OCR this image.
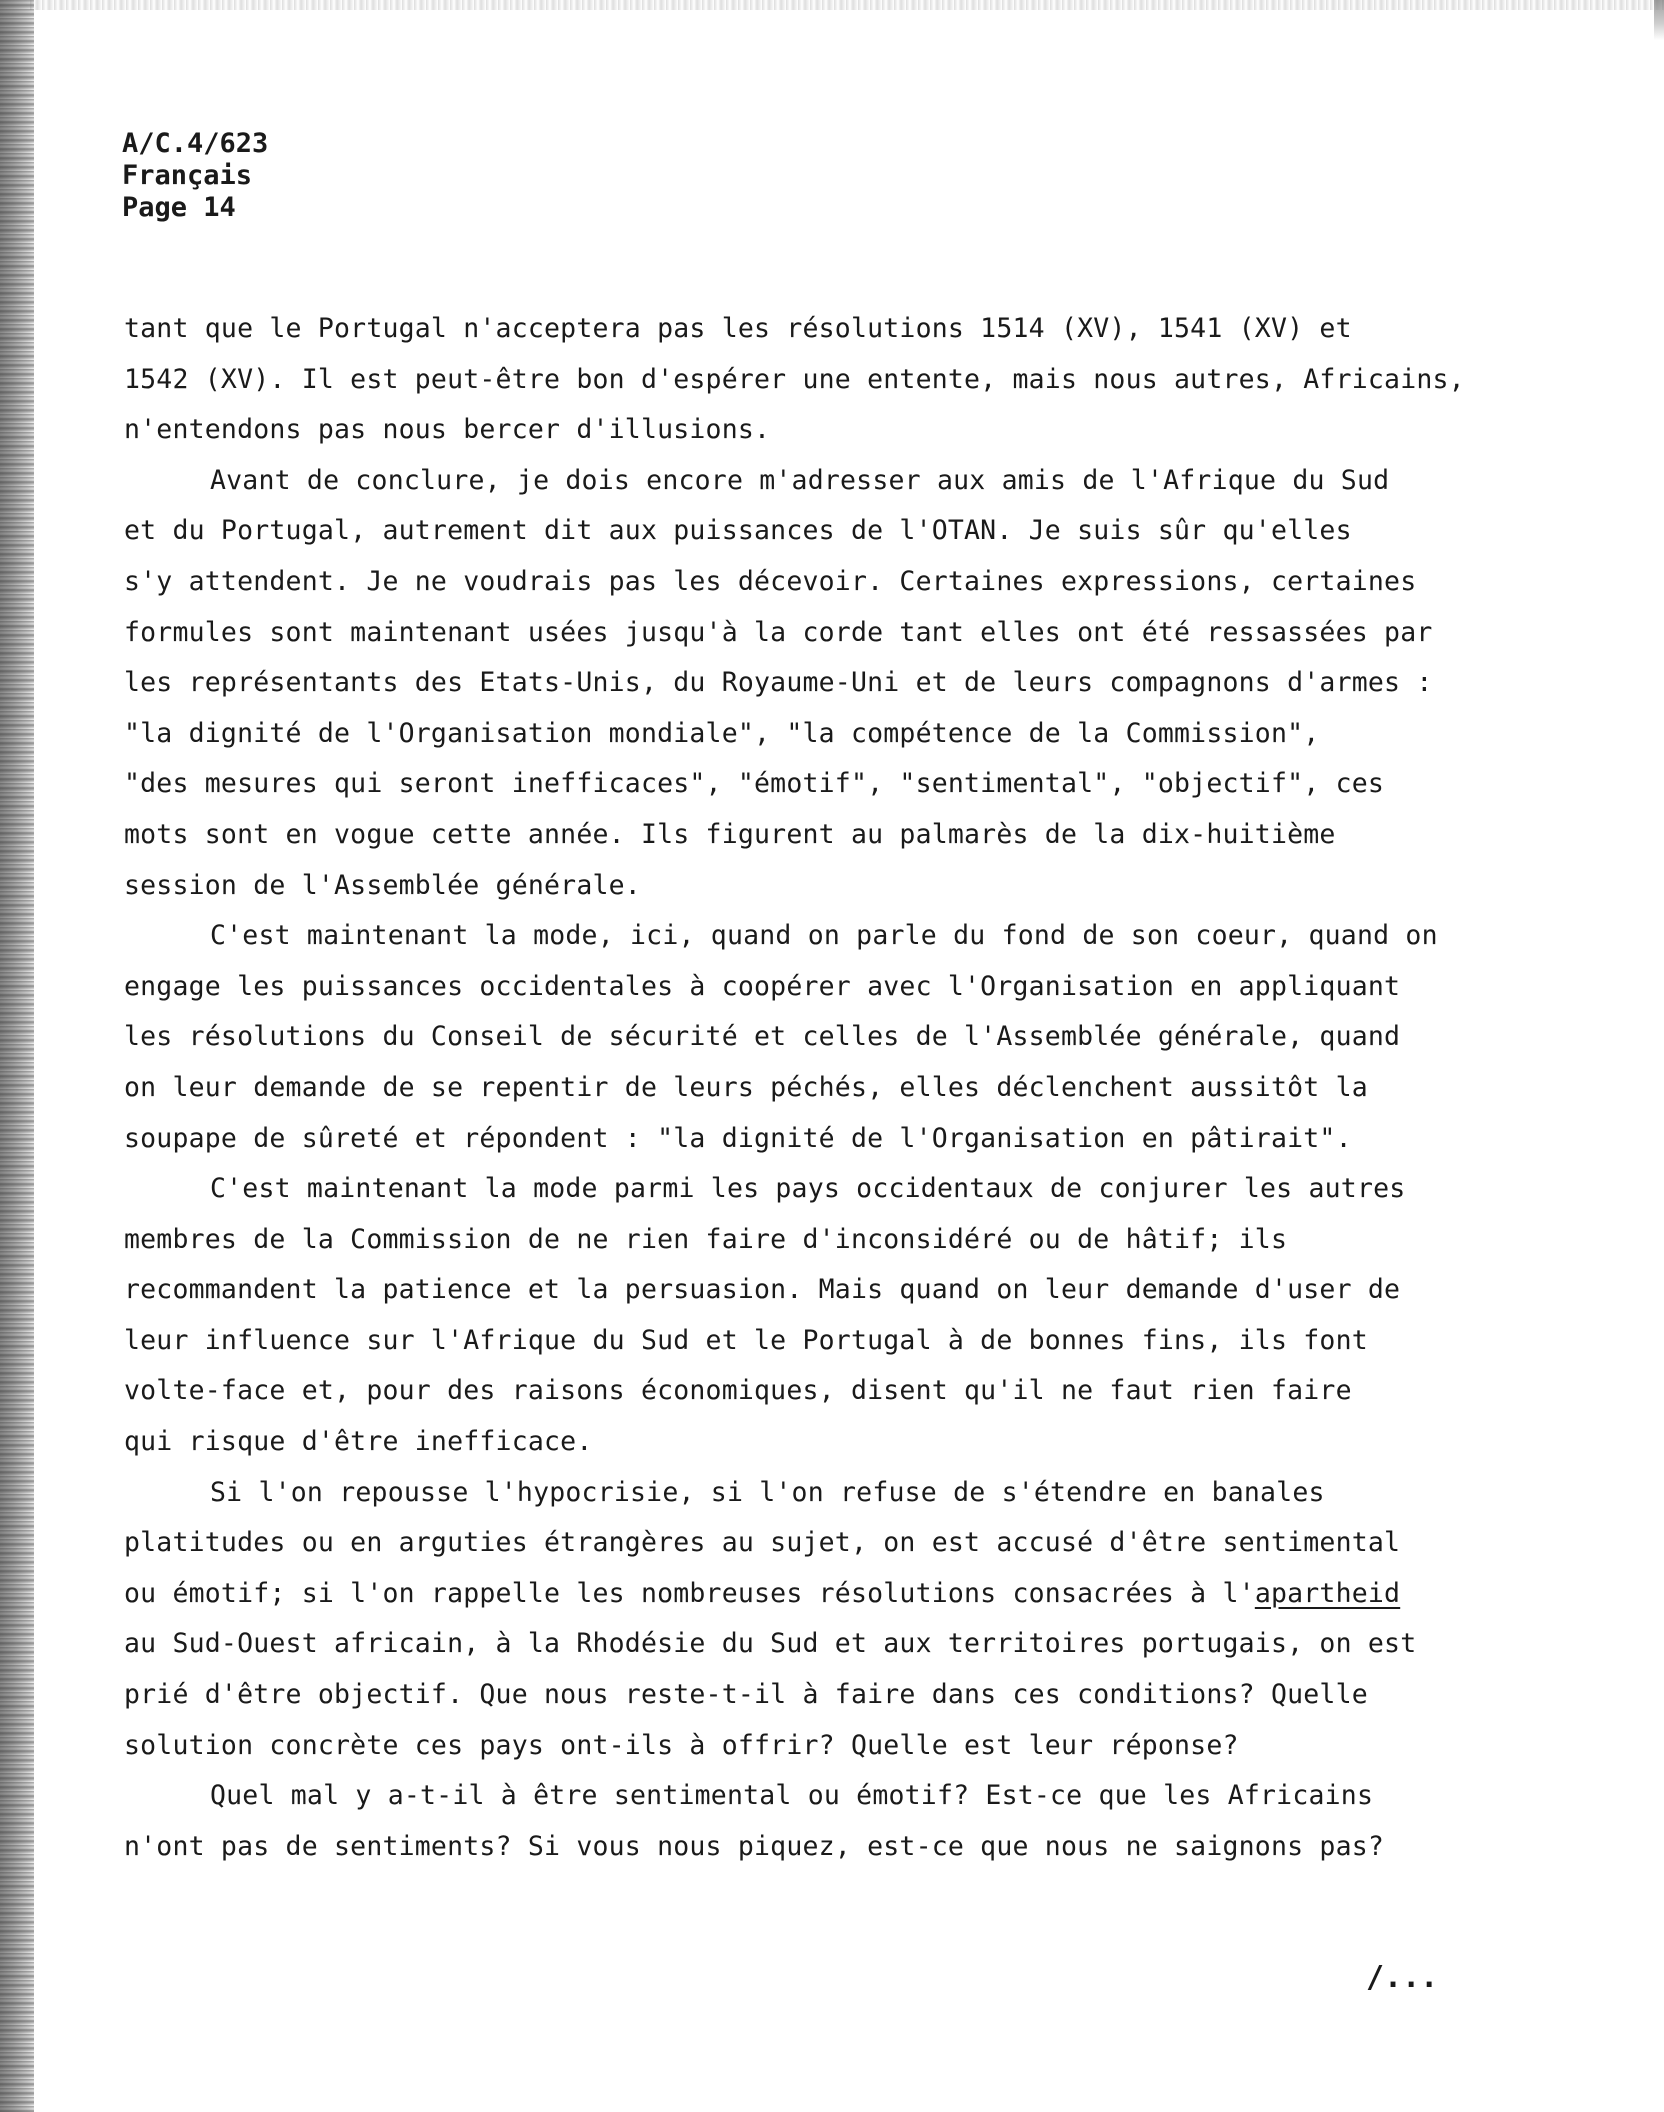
A/C.4/623
Français
Page 14
tant que le Portugal n'acceptera pas les résolutions 1514 (XV), 1541 (XV) et
1542 (XV). Il est peut-être bon d'espérer une entente, mais nous autres, Africains,
n'entendons pas nous bercer d'illusions.
Avant de conclure, je dois encore m'adresser aux amis de l'Afrique du Sud
et du Portugal, autrement dit aux puissances de l'OTAN. Je suis sûr qu'elles
s'y attendent. Je ne voudrais pas les décevoir. Certaines expressions, certaines
formules sont maintenant usées jusqu'à la corde tant elles ont été ressassées par
les représentants des Etats-Unis, du Royaume-Uni et de leurs compagnons d'armes :
"la dignité de l'Organisation mondiale", "la compétence de la Commission",
"des mesures qui seront inefficaces", "émotif", "sentimental", "objectif", ces
mots sont en vogue cette année. Ils figurent au palmarès de la dix-huitième
session de l'Assemblée générale.
C'est maintenant la mode, ici, quand on parle du fond de son coeur, quand on
engage les puissances occidentales à coopérer avec l'Organisation en appliquant
les résolutions du Conseil de sécurité et celles de l'Assemblée générale, quand
on leur demande de se repentir de leurs péchés, elles déclenchent aussitôt la
soupape de sûreté et répondent : "la dignité de l'Organisation en pâtirait".
C'est maintenant la mode parmi les pays occidentaux de conjurer les autres
membres de la Commission de ne rien faire d'inconsidéré ou de hâtif; ils
recommandent la patience et la persuasion. Mais quand on leur demande d'user de
leur influence sur l'Afrique du Sud et le Portugal à de bonnes fins, ils font
volte-face et, pour des raisons économiques, disent qu'il ne faut rien faire
qui risque d'être inefficace.
Si l'on repousse l'hypocrisie, si l'on refuse de s'étendre en banales
platitudes ou en arguties étrangères au sujet, on est accusé d'être sentimental
ou émotif; si l'on rappelle les nombreuses résolutions consacrées à l'apartheid
au Sud-Ouest africain, à la Rhodésie du Sud et aux territoires portugais, on est
prié d'être objectif. Que nous reste-t-il à faire dans ces conditions? Quelle
solution concrète ces pays ont-ils à offrir? Quelle est leur réponse?
Quel mal y a-t-il à être sentimental ou émotif? Est-ce que les Africains
n'ont pas de sentiments? Si vous nous piquez, est-ce que nous ne saignons pas?
/...
